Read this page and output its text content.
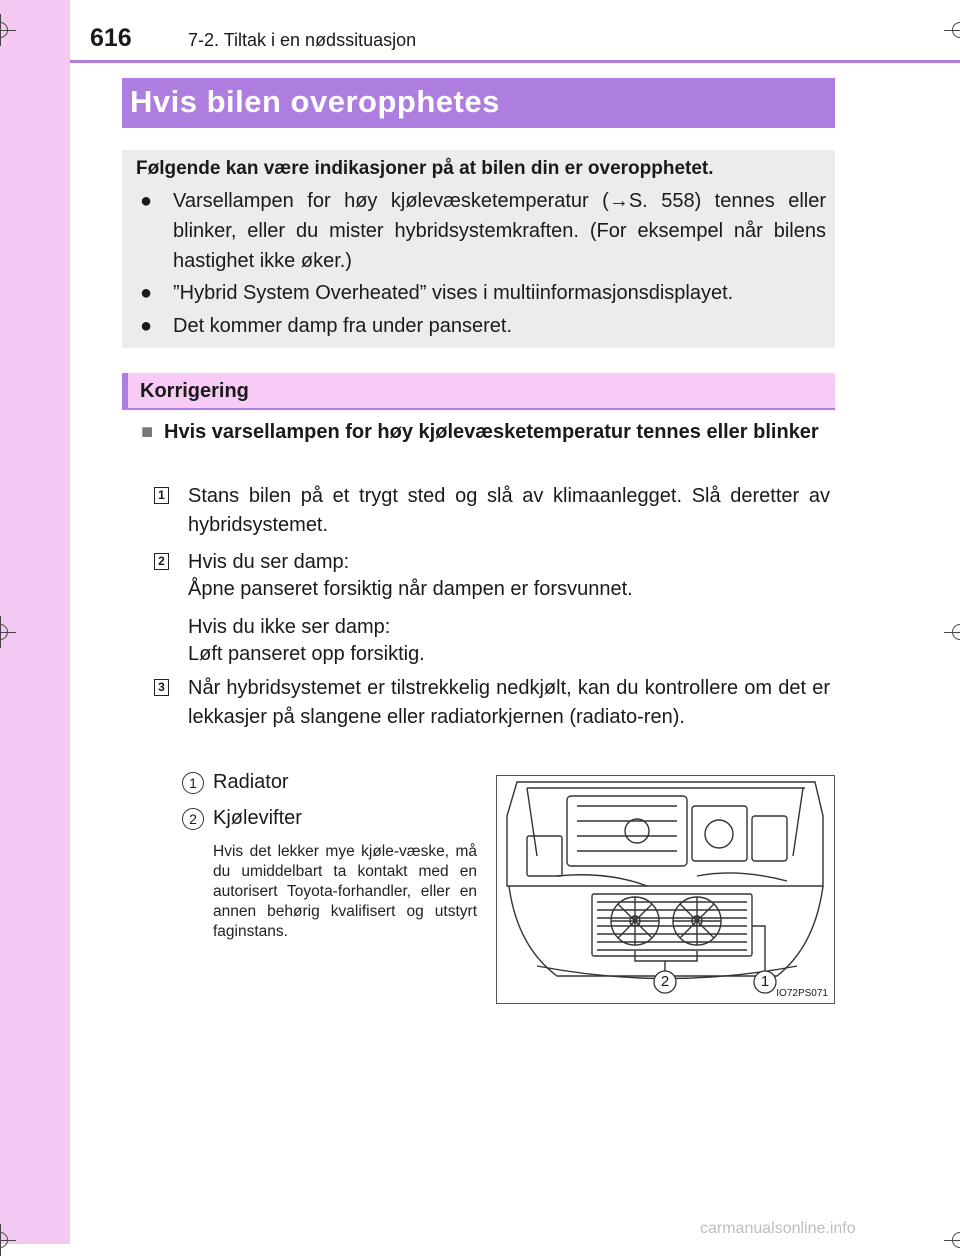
616	7-2. Tiltak i en nødssituasjon
Hvis bilen overopphetes
Følgende kan være indikasjoner på at bilen din er overopphetet.
● Varsellampen for høy kjølevæsketemperatur (→S. 558) tennes eller blinker, eller du mister hybridsystemkraften. (For eksempel når bilens hastighet ikke øker.)
● ”Hybrid System Overheated” vises i multiinformasjonsdisplayet.
● Det kommer damp fra under panseret.
Korrigering
■ Hvis varsellampen for høy kjølevæsketemperatur tennes eller blinker
1 Stans bilen på et trygt sted og slå av klimaanlegget. Slå deretter av hybridsystemet.
2 Hvis du ser damp:
Åpne panseret forsiktig når dampen er forsvunnet.
Hvis du ikke ser damp:
Løft panseret opp forsiktig.
3 Når hybridsystemet er tilstrekkelig nedkjølt, kan du kontrollere om det er lekkasjer på slangene eller radiatorkjernen (radiato-ren).
1 Radiator
2 Kjølevifter
Hvis det lekker mye kjøle-væske, må du umiddelbart ta kontakt med en autorisert Toyota-forhandler, eller en annen behørig kvalifisert og utstyrt faginstans.
2	1
IO72PS071
carmanualsonline.info
